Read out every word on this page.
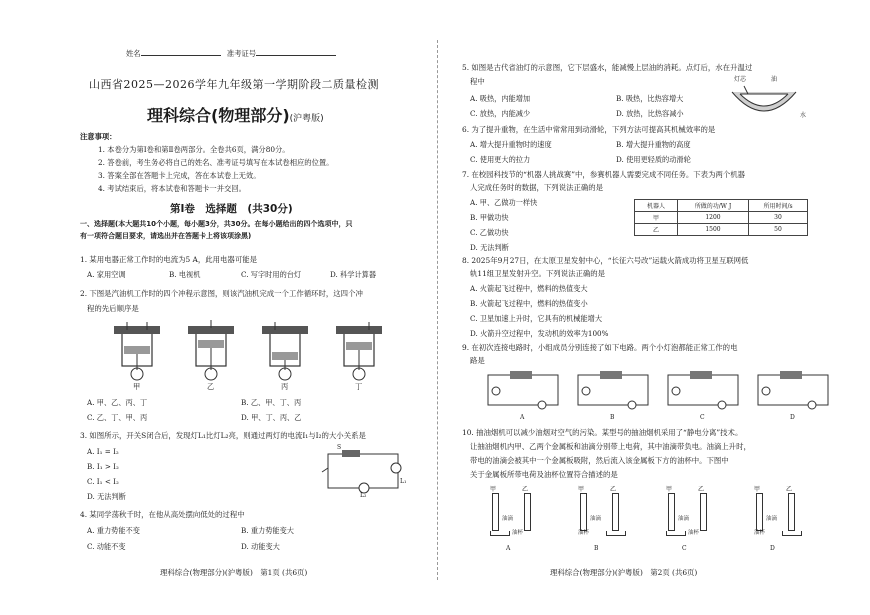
姓名	准考证号
山西省2025—2026学年九年级第一学期阶段二质量检测
理科综合(物理部分)(沪粤版)
注意事项：
1. 本卷分为第Ⅰ卷和第Ⅱ卷两部分。全卷共6页，满分80分。
2. 答卷前，考生务必将自己的姓名、准考证号填写在本试卷相应的位置。
3. 答案全部在答题卡上完成，答在本试卷上无效。
4. 考试结束后，将本试卷和答题卡一并交回。
第Ⅰ卷　选择题　(共30分)
一、选择题(本大题共10个小题，每小题3分，共30分。在每小题给出的四个选项中，只
有一项符合题目要求，请选出并在答题卡上将该项涂黑)
1. 某用电器正常工作时的电流为5 A，此用电器可能是
A. 家用空调	B. 电视机	C. 写字时用的台灯	D. 科学计算器
2. 下图是汽油机工作时的四个冲程示意图，则该汽油机完成一个工作循环时，这四个冲
程的先后顺序是
甲	乙	丙	丁
A. 甲、乙、丙、丁	B. 乙、甲、丁、丙
C. 乙、丁、甲、丙	D. 甲、丁、丙、乙
3. 如图所示，开关S闭合后，发现灯L₁比灯L₂亮，则通过两灯的电流I₁与I₂的大小关系是
A. I₁ = I₂
B. I₁ > I₂
C. I₁ < I₂
D. 无法判断
S
L₁
L₂
4. 某同学荡秋千时，在他从高处摆向低处的过程中
A. 重力势能不变	B. 重力势能变大
C. 动能不变	D. 动能变大
理科综合(物理部分)(沪粤版)　第1页 (共6页)
5. 如图是古代省油灯的示意图，它下层盛水，能减慢上层油的消耗。点灯后，水在升温过
程中
A. 吸热，内能增加	B. 吸热，比热容增大
C. 放热，内能减少	D. 放热，比热容减小
灯芯	油
水
6. 为了提升重物，在生活中常常用到动滑轮，下列方法可提高其机械效率的是
A. 增大提升重物时的速度	B. 增大提升重物的高度
C. 使用更大的拉力	D. 使用更轻质的动滑轮
7. 在校园科技节的“机器人挑战赛”中，参赛机器人需要完成不同任务。下表为两个机器
人完成任务时的数据，下列说法正确的是
A. 甲、乙做功一样快
B. 甲做功快
C. 乙做功快
D. 无法判断
机器人	所做的功/W J	所用时间/s
甲	1200	30
乙	1500	50
8. 2025年9月27日，在太原卫星发射中心，“长征六号改”运载火箭成功将卫星互联网低
轨11组卫星发射升空。下列说法正确的是
A. 火箭起飞过程中，燃料的热值变大
B. 火箭起飞过程中，燃料的热值变小
C. 卫星加速上升时，它具有的机械能增大
D. 火箭升空过程中，发动机的效率为100%
9. 在初次连接电路时，小组成员分别连接了如下电路。两个小灯泡都能正常工作的电
路是
A	B	C	D
10. 抽油烟机可以减少油烟对空气的污染。某型号的抽油烟机采用了“静电分离”技术。
让抽油烟机内甲、乙两个金属板和油滴分别带上电荷，其中油滴带负电。油滴上升时，
带电的油滴会被其中一个金属板吸附，然后流入该金属板下方的油杯中。下图中
关于金属板所带电荷及油杯位置符合描述的是
甲	乙
油滴
油杯
甲	乙
油滴
油杯
甲	乙
油滴
油杯
甲	乙
油滴
油杯
A	B	C	D
理科综合(物理部分)(沪粤版)　第2页 (共6页)
